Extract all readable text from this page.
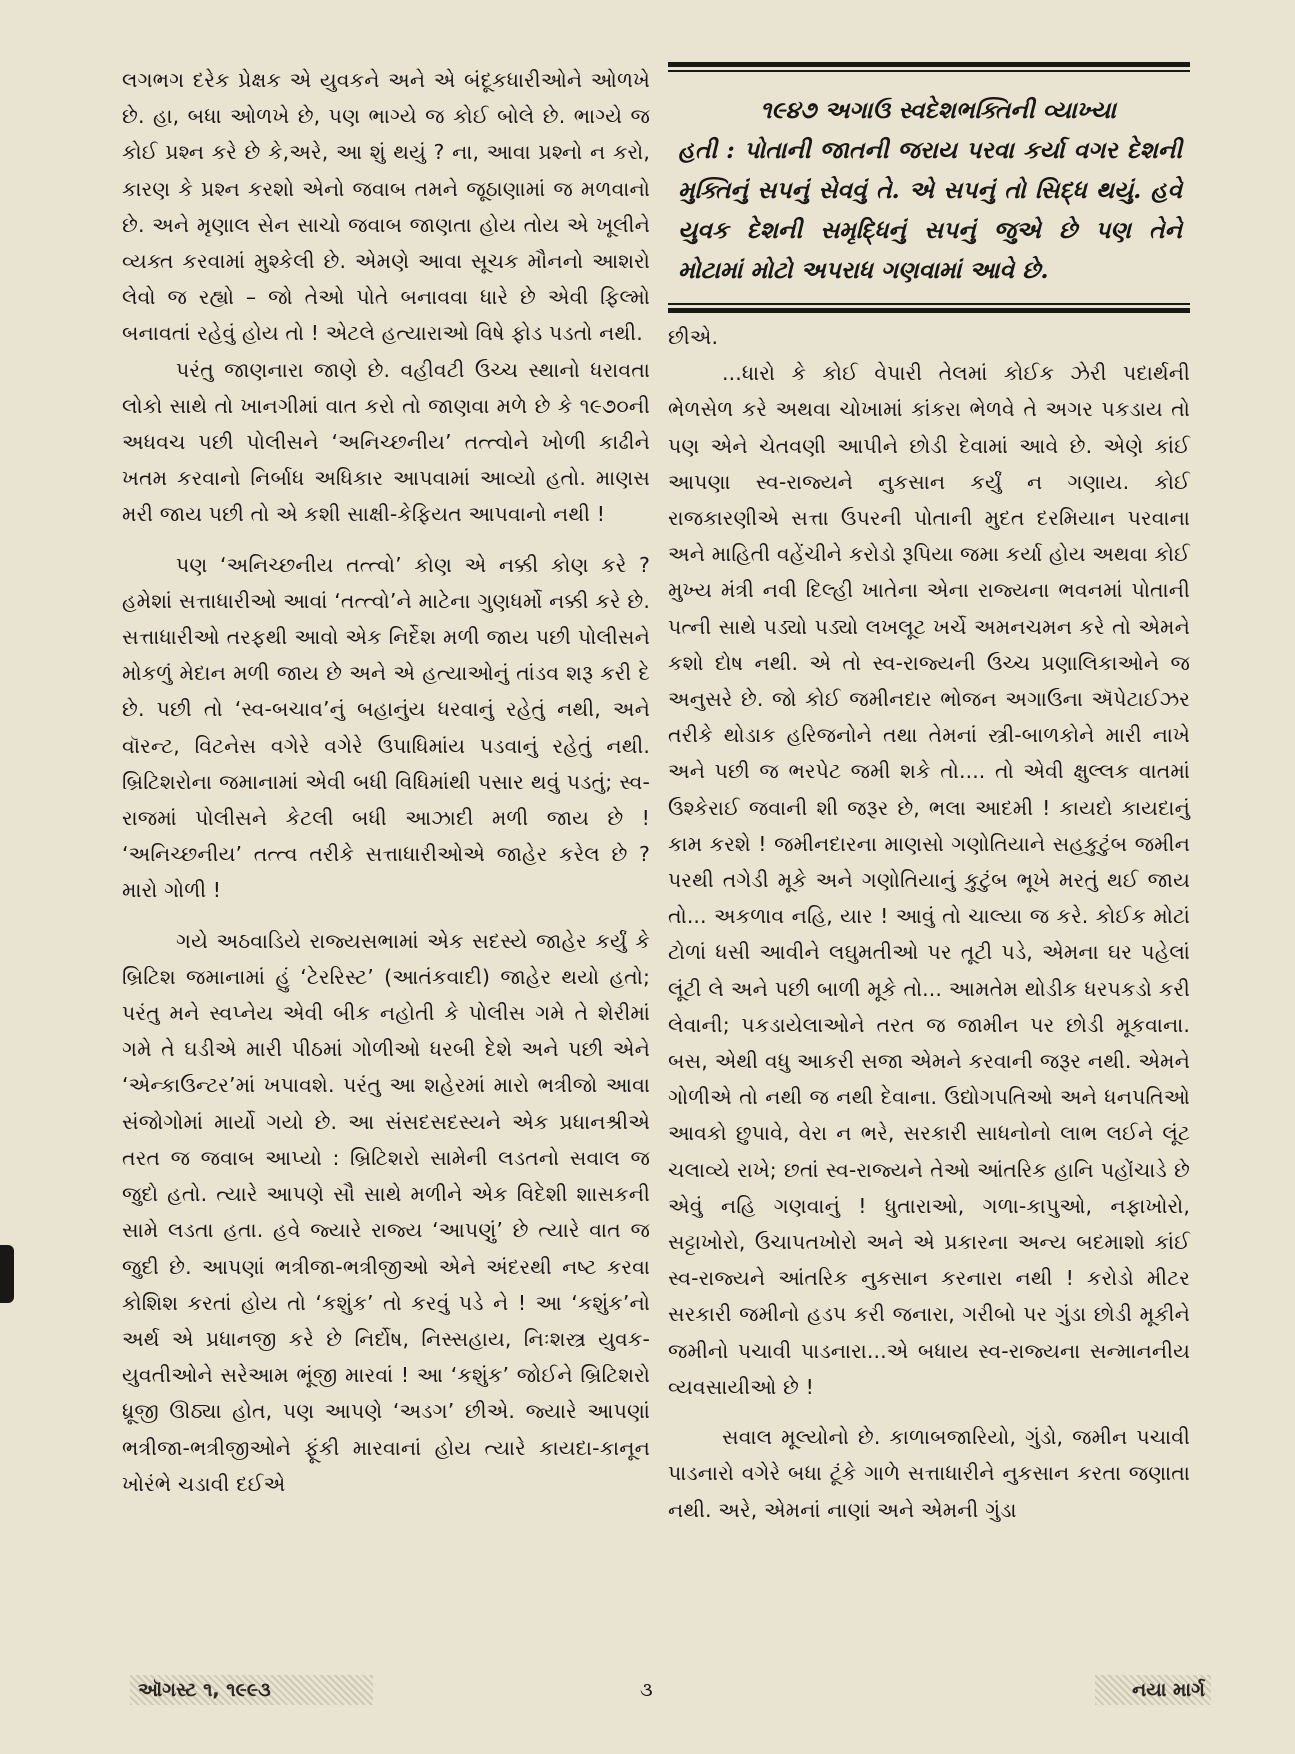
લગભગ દરેક પ્રેક્ષક એ યુવકને અને એ બંદૂકધારીઓને ઓળખે છે. હા, બધા ઓળખે છે, પણ ભાગ્યે જ કોઈ બોલે છે. ભાગ્યે જ કોઈ પ્રશ્ન કરે છે કે,અરે, આ શું થયું ? ના, આવા પ્રશ્નો ન કરો, કારણ કે પ્રશ્ન કરશો એનો જવાબ તમને જૂઠાણામાં જ મળવાનો છે. અને મૃણાલ સેન સાચો જવાબ જાણતા હોય તોય એ ખૂલીને વ્યક્ત કરવામાં મુશ્કેલી છે. એમણે આવા સૂચક મૌનનો આશરો લેવો જ રહ્યો – જો તેઓ પોતે બનાવવા ધારે છે એવી ફિલ્મો બનાવતાં રહેવું હોય તો ! એટલે હત્યારાઓ વિષે ફોડ પડતો નથી.

પરંતુ જાણનારા જાણે છે. વહીવટી ઉચ્ચ સ્થાનો ધરાવતા લોકો સાથે તો ખાનગીમાં વાત કરો તો જાણવા મળે છે કે ૧૯૭૦ની અધવચ પછી પોલીસને ‘અનિચ્છનીય’ તત્ત્વોને ખોળી કાઢીને ખતમ કરવાનો નિર્બાધ અધિકાર આપવામાં આવ્યો હતો. માણસ મરી જાય પછી તો એ કશી સાક્ષી-કેફિયત આપવાનો નથી !

પણ ‘અનિચ્છનીય તત્ત્વો’ કોણ એ નક્કી કોણ કરે ? હમેશાં સત્તાધારીઓ આવાં ‘તત્ત્વો’ને માટેના ગુણધર્મો નક્કી કરે છે. સત્તાધારીઓ તરફથી આવો એક નિર્દેશ મળી જાય પછી પોલીસને મોકળું મેદાન મળી જાય છે અને એ હત્યાઓનું તાંડવ શરૂ કરી દે છે. પછી તો ‘સ્વ-બચાવ’નું બહાનુંય ધરવાનું રહેતું નથી, અને વૉરન્ટ, વિટનેસ વગેરે વગેરે ઉપાધિમાંય પડવાનું રહેતું નથી. બ્રિટિશરોના જમાનામાં એવી બધી વિધિમાંથી પસાર થવું પડતું; સ્વ-રાજમાં પોલીસને કેટલી બધી આઝાદી મળી જાય છે ! ‘અનિચ્છનીય’ તત્ત્વ તરીકે સત્તાધારીઓએ જાહેર કરેલ છે ? મારો ગોળી !

ગયે અઠવાડિયે રાજ્યસભામાં એક સદસ્યે જાહેર કર્યું કે બ્રિટિશ જમાનામાં હું ‘ટેરરિસ્ટ’ (આતંકવાદી) જાહેર થયો હતો; પરંતુ મને સ્વપ્નેય એવી બીક નહોતી કે પોલીસ ગમે તે શેરીમાં ગમે તે ઘડીએ મારી પીઠમાં ગોળીઓ ધરબી દેશે અને પછી એને ‘એન્કાઉન્ટર’માં ખપાવશે. પરંતુ આ શહેરમાં મારો ભત્રીજો આવા સંજોગોમાં માર્યો ગયો છે. આ સંસદસદસ્યને એક પ્રધાનશ્રીએ તરત જ જવાબ આપ્યો : બ્રિટિશરો સામેની લડતનો સવાલ જ જુદો હતો. ત્યારે આપણે સૌ સાથે મળીને એક વિદેશી શાસકની સામે લડતા હતા. હવે જ્યારે રાજ્ય ‘આપણું’ છે ત્યારે વાત જ જુદી છે. આપણાં ભત્રીજા-ભત્રીજીઓ એને અંદરથી નષ્ટ કરવા કોશિશ કરતાં હોય તો ‘કશુંક’ તો કરવું પડે ને ! આ ‘કશુંક’નો અર્થ એ પ્રધાનજી કરે છે નિર્દોષ, નિસ્સહાય, નિઃશસ્ત્ર યુવક-યુવતીઓને સરેઆમ ભૂંજી મારવાં ! આ ‘કશુંક’ જોઈને બ્રિટિશરો ધ્રૂજી ઊઠ્યા હોત, પણ આપણે ‘અડગ’ છીએ. જ્યારે આપણાં ભત્રીજા-ભત્રીજીઓને ફૂંકી મારવાનાં હોય ત્યારે કાયદા-કાનૂન ખોરંભે ચડાવી દઈએ

૧૯૪૭ અગાઉ સ્વદેશભક્તિની વ્યાખ્યા
હતી : પોતાની જાતની જરાય પરવા કર્યા વગર દેશની મુક્તિનું સપનું સેવવું તે. એ સપનું તો સિદ્ધ થયું. હવે યુવક દેશની સમૃદ્ધિનું સપનું જુએ છે પણ તેને મોટામાં મોટો અપરાધ ગણવામાં આવે છે.

છીએ.

...ધારો કે કોઈ વેપારી તેલમાં કોઈક ઝેરી પદાર્થની ભેળસેળ કરે અથવા ચોખામાં કાંકરા ભેળવે તે અગર પકડાય તો પણ એને ચેતવણી આપીને છોડી દેવામાં આવે છે. એણે કાંઈ આપણા સ્વ-રાજ્યને નુકસાન કર્યું ન ગણાય. કોઈ રાજકારણીએ સત્તા ઉપરની પોતાની મુદત દરમિયાન પરવાના અને માહિતી વહેંચીને કરોડો રૂપિયા જમા કર્યા હોય અથવા કોઈ મુખ્ય મંત્રી નવી દિલ્હી ખાતેના એના રાજ્યના ભવનમાં પોતાની પત્ની સાથે પડ્યો પડ્યો લખલૂટ ખર્ચે અમનચમન કરે તો એમને કશો દોષ નથી. એ તો સ્વ-રાજ્યની ઉચ્ચ પ્રણાલિકાઓને જ અનુસરે છે. જો કોઈ જમીનદાર ભોજન અગાઉના ઍપેટાઈઝર તરીકે થોડાક હરિજનોને તથા તેમનાં સ્ત્રી-બાળકોને મારી નાખે અને પછી જ ભરપેટ જમી શકે તો.... તો એવી ક્ષુલ્લક વાતમાં ઉશ્કેરાઈ જવાની શી જરૂર છે, ભલા આદમી ! કાયદો કાયદાનું કામ કરશે ! જમીનદારના માણસો ગણોતિયાને સહકુટુંબ જમીન પરથી તગેડી મૂકે અને ગણોતિયાનું કુટુંબ ભૂખે મરતું થઈ જાય તો... અકળાવ નહિ, યાર ! આવું તો ચાલ્યા જ કરે. કોઈક મોટાં ટોળાં ધસી આવીને લઘુમતીઓ પર તૂટી પડે, એમના ઘર પહેલાં લૂંટી લે અને પછી બાળી મૂકે તો... આમતેમ થોડીક ધરપકડો કરી લેવાની; પકડાયેલાઓને તરત જ જામીન પર છોડી મૂકવાના. બસ, એથી વધુ આકરી સજા એમને કરવાની જરૂર નથી. એમને ગોળીએ તો નથી જ નથી દેવાના. ઉદ્યોગપતિઓ અને ધનપતિઓ આવકો છુપાવે, વેરા ન ભરે, સરકારી સાધનોનો લાભ લઈને લૂંટ ચલાવ્યે રાખે; છતાં સ્વ-રાજ્યને તેઓ આંતરિક હાનિ પહોંચાડે છે એવું નહિ ગણવાનું ! ધુતારાઓ, ગળા-કાપુઓ, નફાખોરો, સટ્ટાખોરો, ઉચાપતખોરો અને એ પ્રકારના અન્ય બદમાશો કાંઈ સ્વ-રાજ્યને આંતરિક નુકસાન કરનારા નથી ! કરોડો મીટર સરકારી જમીનો હડપ કરી જનારા, ગરીબો પર ગુંડા છોડી મૂકીને જમીનો પચાવી પાડનારા...એ બધાય સ્વ-રાજ્યના સન્માનનીય વ્યવસાયીઓ છે !

સવાલ મૂલ્યોનો છે. કાળાબજારિયો, ગુંડો, જમીન પચાવી પાડનારો વગેરે બધા ટૂંકે ગાળે સત્તાધારીને નુકસાન કરતા જણાતા નથી. અરે, એમનાં નાણાં અને એમની ગુંડા

ઑગસ્ટ ૧, ૧૯૯૩	૩	નયા માર્ગ
